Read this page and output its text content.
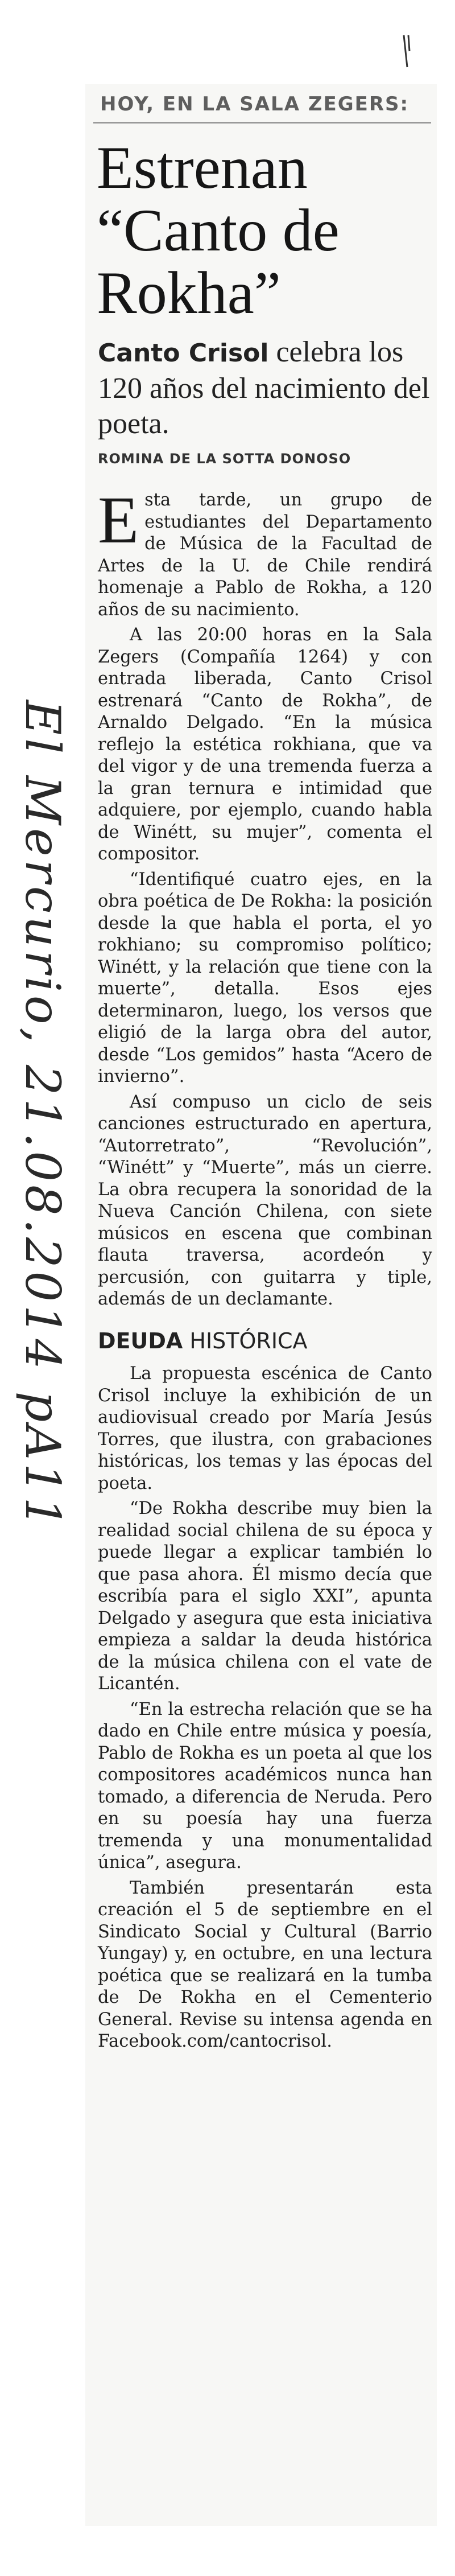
El Mercurio, 21.08.2014 pA11
HOY, EN LA SALA ZEGERS:
Estrenan “Canto de Rokha”
Canto Crisol celebra los 120 años del nacimiento del poeta.
ROMINA DE LA SOTTA DONOSO

Esta tarde, un grupo de estudiantes del Departamento de Música de la Facultad de Artes de la U. de Chile rendirá homenaje a Pablo de Rokha, a 120 años de su nacimiento.

A las 20:00 horas en la Sala Zegers (Compañía 1264) y con entrada liberada, Canto Crisol estrenará “Canto de Rokha”, de Arnaldo Delgado. “En la música reflejo la estética rokhiana, que va del vigor y de una tremenda fuerza a la gran ternura e intimidad que adquiere, por ejemplo, cuando habla de Winétt, su mujer”, comenta el compositor.

“Identifiqué cuatro ejes, en la obra poética de De Rokha: la posición desde la que habla el porta, el yo rokhiano; su compromiso político; Winétt, y la relación que tiene con la muerte”, detalla. Esos ejes determinaron, luego, los versos que eligió de la larga obra del autor, desde “Los gemidos” hasta “Acero de invierno”.

Así compuso un ciclo de seis canciones estructurado en apertura, “Autorretrato”, “Revolución”, “Winétt” y “Muerte”, más un cierre. La obra recupera la sonoridad de la Nueva Canción Chilena, con siete músicos en escena que combinan flauta traversa, acordeón y percusión, con guitarra y tiple, además de un declamante.

DEUDA HISTÓRICA

La propuesta escénica de Canto Crisol incluye la exhibición de un audiovisual creado por María Jesús Torres, que ilustra, con grabaciones históricas, los temas y las épocas del poeta.

“De Rokha describe muy bien la realidad social chilena de su época y puede llegar a explicar también lo que pasa ahora. Él mismo decía que escribía para el siglo XXI”, apunta Delgado y asegura que esta iniciativa empieza a saldar la deuda histórica de la música chilena con el vate de Licantén.

“En la estrecha relación que se ha dado en Chile entre música y poesía, Pablo de Rokha es un poeta al que los compositores académicos nunca han tomado, a diferencia de Neruda. Pero en su poesía hay una fuerza tremenda y una monumentalidad única”, asegura.

También presentarán esta creación el 5 de septiembre en el Sindicato Social y Cultural (Barrio Yungay) y, en octubre, en una lectura poética que se realizará en la tumba de De Rokha en el Cementerio General. Revise su intensa agenda en Facebook.com/cantocrisol.
